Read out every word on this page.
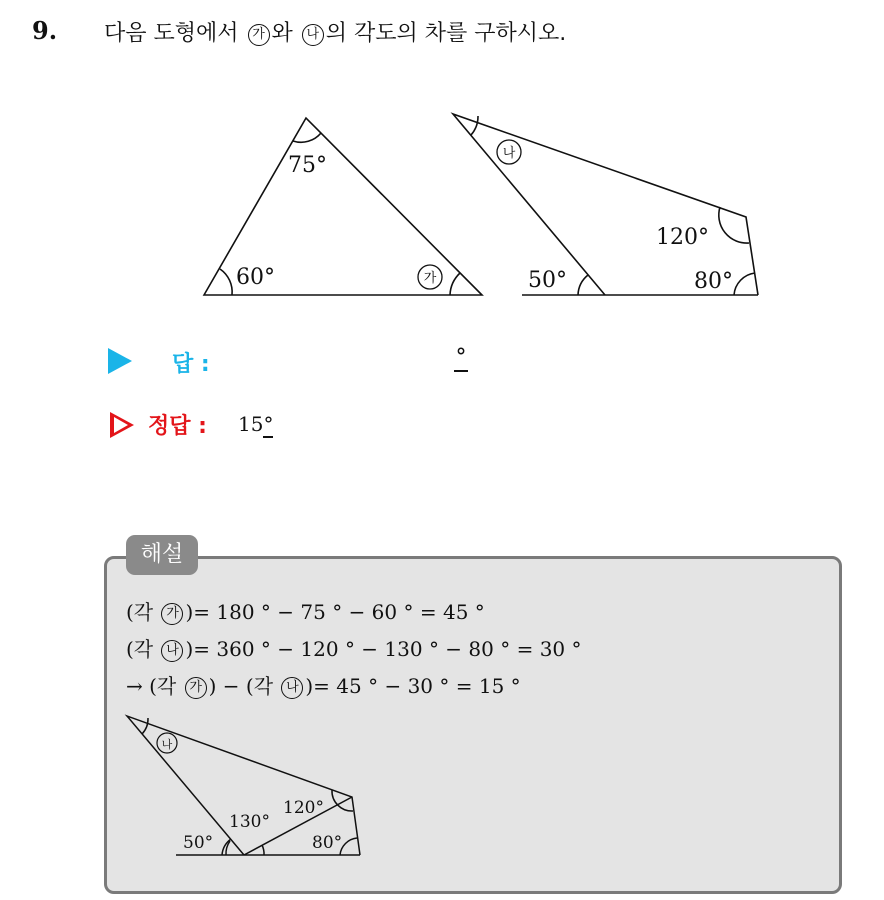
9. 다음 도형에서 가 와 나 의 각도의 차를 구하시오.
75°
60°	가
나
120°
50°	80°
답 :	°
정답 : 15°
해설
(각 가 )= 180 ° − 75 ° − 60 ° = 45 °
(각 나 )= 360 ° − 120 ° − 130 ° − 80 ° = 30 °
→ (각 가 ) − (각 나 )= 45 ° − 30 ° = 15 °
나
130°
120°
50°	80°
